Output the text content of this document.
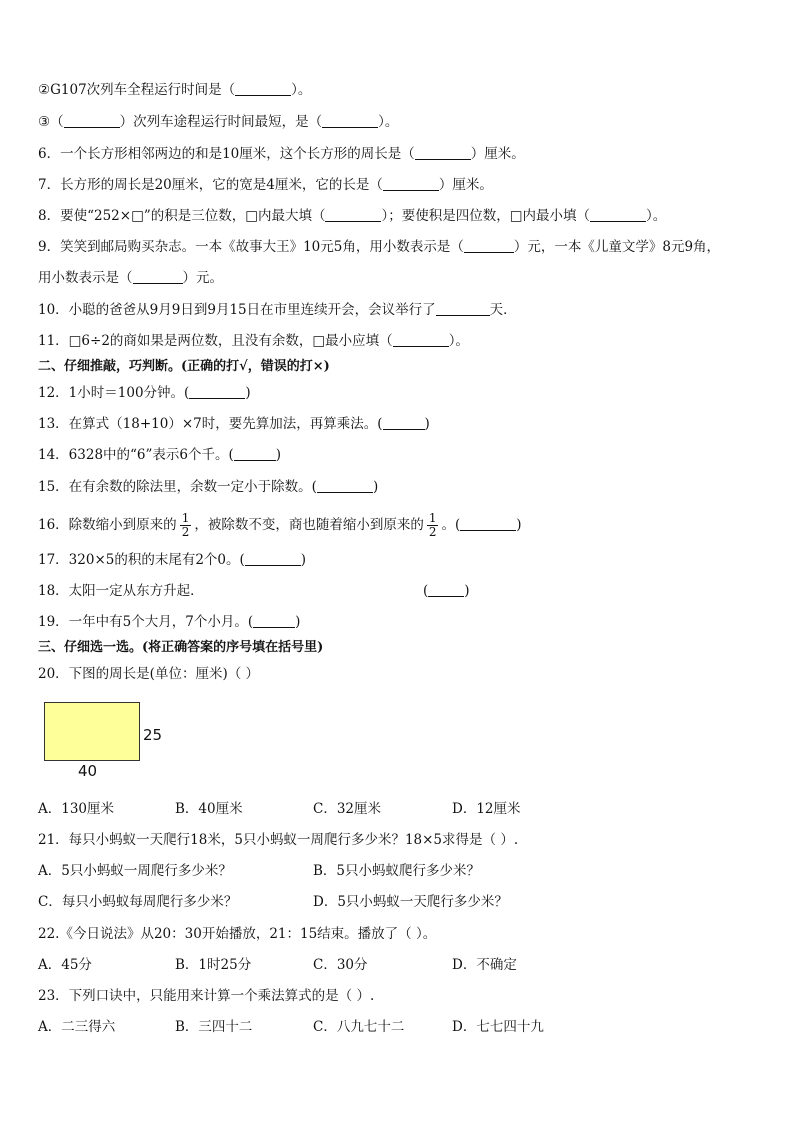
②G107次列车全程运行时间是（	）。
③（	）次列车途程运行时间最短，是（	）。
6．一个长方形相邻两边的和是10厘米，这个长方形的周长是（	）厘米。
7．长方形的周长是20厘米，它的宽是4厘米，它的长是（	）厘米。
8．要使“252×□”的积是三位数，□内最大填（	）；要使积是四位数，□内最小填（	）。
9．笑笑到邮局购买杂志。一本《故事大王》10元5角，用小数表示是（	）元，一本《儿童文学》8元9角，
用小数表示是（	）元。
10．小聪的爸爸从9月9日到9月15日在市里连续开会，会议举行了	天．
11．□6÷2的商如果是两位数，且没有余数，□最小应填（	）。
二、仔细推敲，巧判断。(正确的打√，错误的打×)
12．1小时＝100分钟。(	)
13．在算式（18+10）×7时，要先算加法，再算乘法。(	)
14．6328中的“6”表示6个千。(	)
15．在有余数的除法里，余数一定小于除数。(	)
16．除数缩小到原来的 $\frac{1}{2}$ ，被除数不变，商也随着缩小到原来的 $\frac{1}{2}$ 。(	)
17．320×5的积的末尾有2个0。(	)
18．太阳一定从东方升起．	(	)
19．一年中有5个大月，7个小月。(	)
三、仔细选一选。(将正确答案的序号填在括号里)
20．下图的周长是(单位：厘米)（ ）
25
40
A．130厘米	B．40厘米	C．32厘米	D．12厘米
21．每只小蚂蚁一天爬行18米，5只小蚂蚁一周爬行多少米？18×5求得是（ ）.
A．5只小蚂蚁一周爬行多少米？	B．5只小蚂蚁爬行多少米？
C．每只小蚂蚁每周爬行多少米？	D．5只小蚂蚁一天爬行多少米？
22.《今日说法》从20：30开始播放，21：15结束。播放了（ ）。
A．45分	B．1时25分	C．30分	D．不确定
23．下列口诀中，只能用来计算一个乘法算式的是（ ）.
A．二三得六	B．三四十二	C．八九七十二	D．七七四十九
